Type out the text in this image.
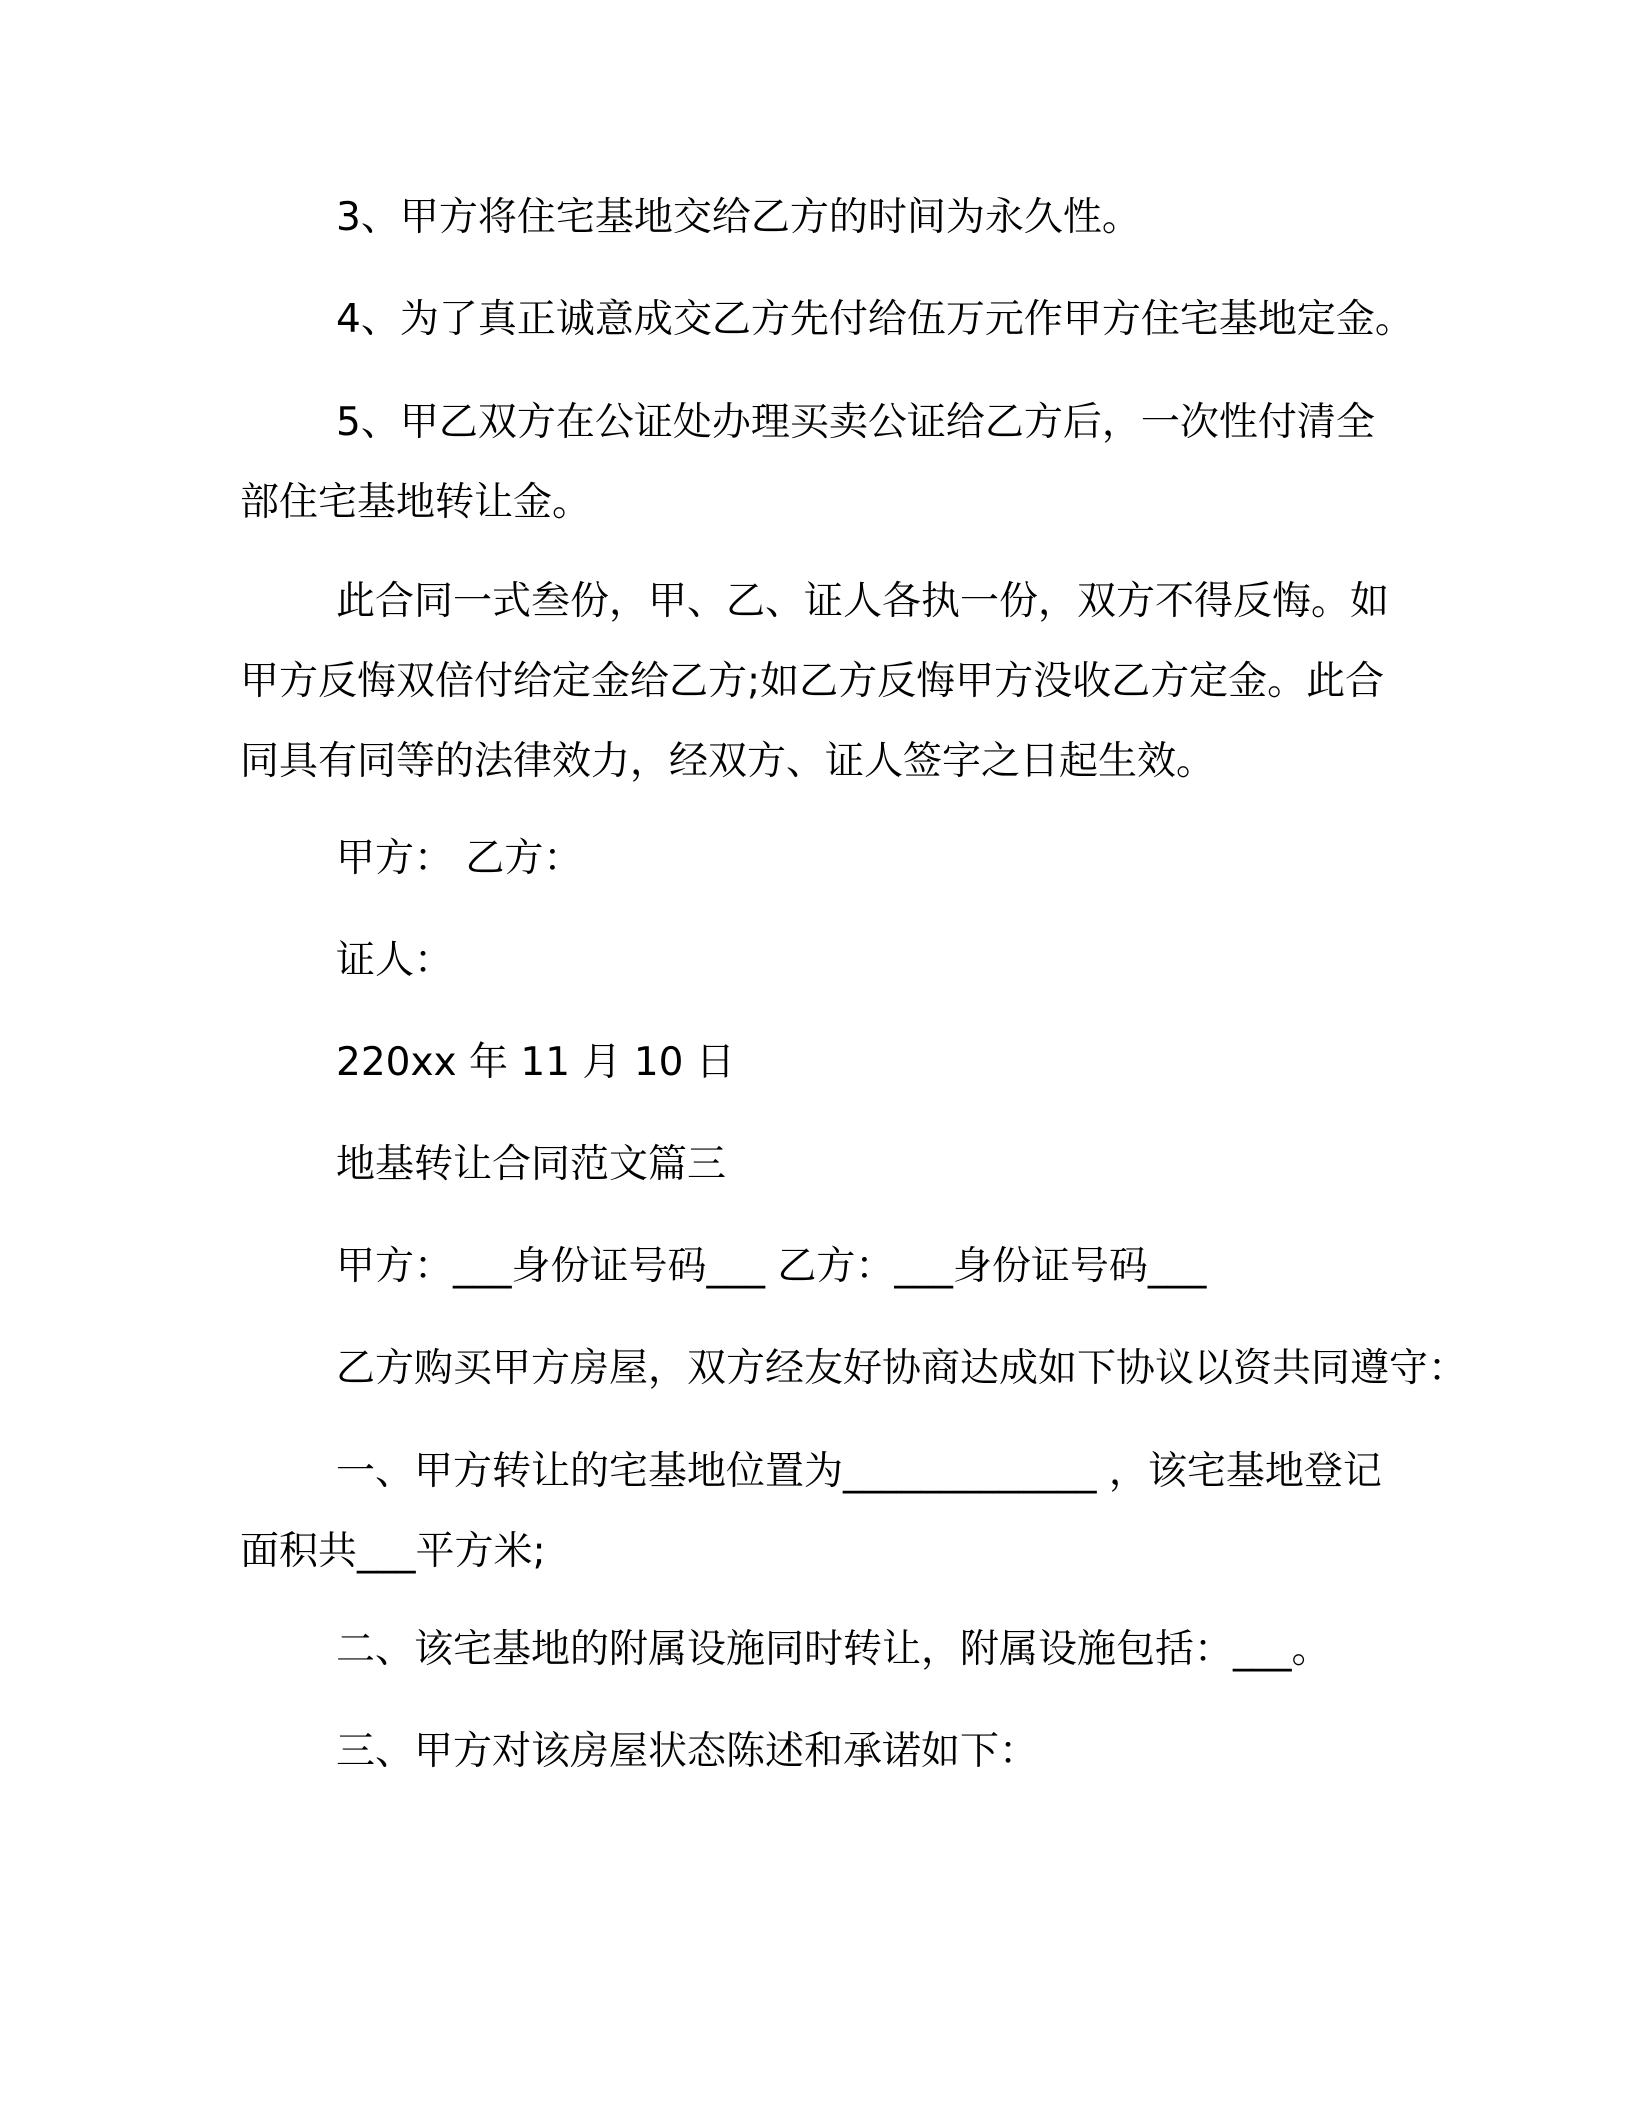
3、甲方将住宅基地交给乙方的时间为永久性。

4、为了真正诚意成交乙方先付给伍万元作甲方住宅基地定金。

5、甲乙双方在公证处办理买卖公证给乙方后，一次性付清全部住宅基地转让金。

此合同一式叁份，甲、乙、证人各执一份，双方不得反悔。如甲方反悔双倍付给定金给乙方;如乙方反悔甲方没收乙方定金。此合同具有同等的法律效力，经双方、证人签字之日起生效。

甲方： 乙方：

证人：

220xx 年 11 月 10 日

地基转让合同范文篇三

甲方：___身份证号码___ 乙方：___身份证号码___

乙方购买甲方房屋，双方经友好协商达成如下协议以资共同遵守：

一、甲方转让的宅基地位置为_____________ ，该宅基地登记面积共___平方米;

二、该宅基地的附属设施同时转让，附属设施包括：___。

三、甲方对该房屋状态陈述和承诺如下：
